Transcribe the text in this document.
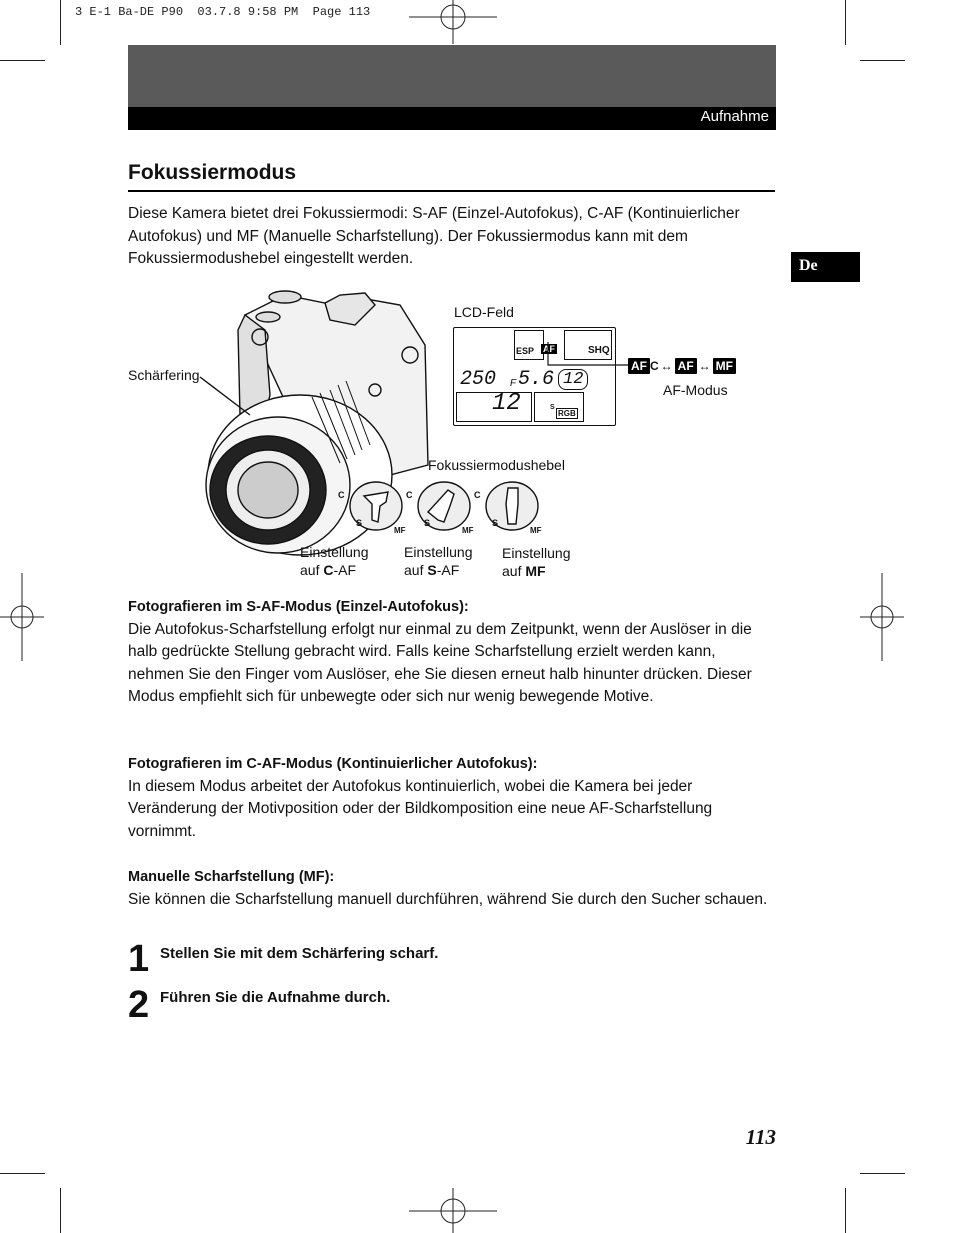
3 E-1 Ba-DE P90  03.7.8 9:58 PM  Page 113
Aufnahme
Fokussiermodus
De
Diese Kamera bietet drei Fokussiermodi: S-AF (Einzel-Autofokus), C-AF (Kontinuierlicher Autofokus) und MF (Manuelle Scharfstellung). Der Fokussiermodus kann mit dem Fokussiermodushebel eingestellt werden.
Schärfering
LCD-Feld
ESP AF	SHQ
250 F 5.6 12
12	S
RGB
AF C ↔ AF ↔ MF
AF-Modus
Fokussiermodushebel
C
S
MF
C
S
MF
C
S
MF
Einstellung
auf C-AF
Einstellung
auf S-AF
Einstellung
auf MF
Fotografieren im S-AF-Modus (Einzel-Autofokus):
Die Autofokus-Scharfstellung erfolgt nur einmal zu dem Zeitpunkt, wenn der Auslöser in die halb gedrückte Stellung gebracht wird. Falls keine Scharfstellung erzielt werden kann, nehmen Sie den Finger vom Auslöser, ehe Sie diesen erneut halb hinunter drücken. Dieser Modus empfiehlt sich für unbewegte oder sich nur wenig bewegende Motive.
Fotografieren im C-AF-Modus (Kontinuierlicher Autofokus):
In diesem Modus arbeitet der Autofokus kontinuierlich, wobei die Kamera bei jeder Veränderung der Motivposition oder der Bildkomposition eine neue AF-Scharfstellung vornimmt.
Manuelle Scharfstellung (MF):
Sie können die Scharfstellung manuell durchführen, während Sie durch den Sucher schauen.
1 Stellen Sie mit dem Schärfering scharf.
2 Führen Sie die Aufnahme durch.
113
